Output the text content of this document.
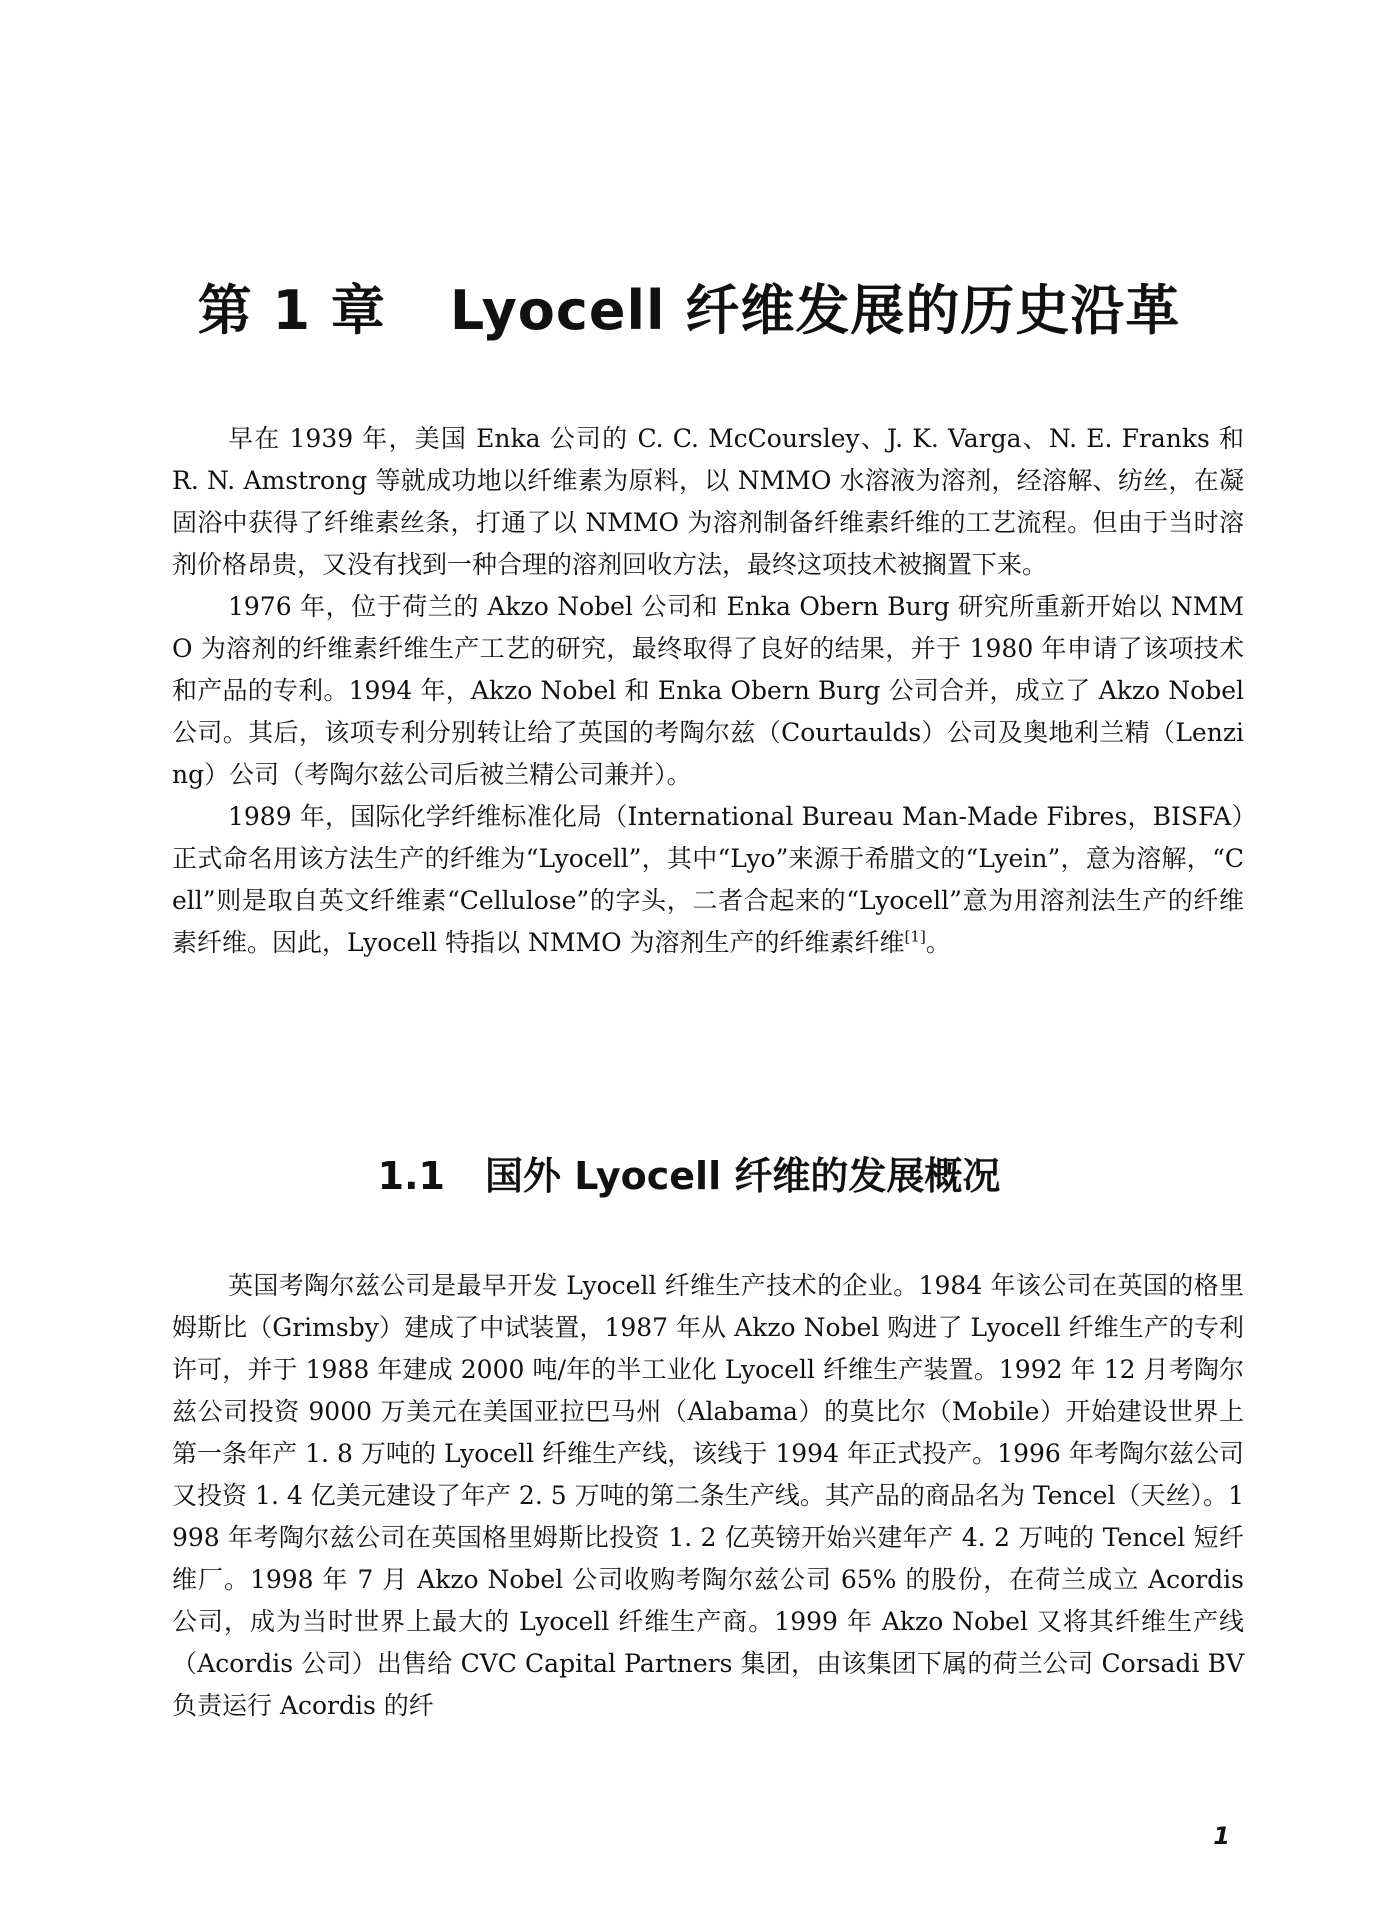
第 1 章 Lyocell 纤维发展的历史沿革

早在 1939 年，美国 Enka 公司的 C. C. McCoursley、J. K. Varga、N. E. Franks 和 R. N. Amstrong 等就成功地以纤维素为原料，以 NMMO 水溶液为溶剂，经溶解、纺丝，在凝固浴中获得了纤维素丝条，打通了以 NMMO 为溶剂制备纤维素纤维的工艺流程。但由于当时溶剂价格昂贵，又没有找到一种合理的溶剂回收方法，最终这项技术被搁置下来。

1976 年，位于荷兰的 Akzo Nobel 公司和 Enka Obern Burg 研究所重新开始以 NMMO 为溶剂的纤维素纤维生产工艺的研究，最终取得了良好的结果，并于 1980 年申请了该项技术和产品的专利。1994 年，Akzo Nobel 和 Enka Obern Burg 公司合并，成立了 Akzo Nobel 公司。其后，该项专利分别转让给了英国的考陶尔兹（Courtaulds）公司及奥地利兰精（Lenzing）公司（考陶尔兹公司后被兰精公司兼并）。

1989 年，国际化学纤维标准化局（International Bureau Man-Made Fibres，BISFA）正式命名用该方法生产的纤维为“Lyocell”，其中“Lyo”来源于希腊文的“Lyein”，意为溶解，“Cell”则是取自英文纤维素“Cellulose”的字头，二者合起来的“Lyocell”意为用溶剂法生产的纤维素纤维。因此，Lyocell 特指以 NMMO 为溶剂生产的纤维素纤维[1]。

1.1 国外 Lyocell 纤维的发展概况

英国考陶尔兹公司是最早开发 Lyocell 纤维生产技术的企业。1984 年该公司在英国的格里姆斯比（Grimsby）建成了中试装置，1987 年从 Akzo Nobel 购进了 Lyocell 纤维生产的专利许可，并于 1988 年建成 2000 吨/年的半工业化 Lyocell 纤维生产装置。1992 年 12 月考陶尔兹公司投资 9000 万美元在美国亚拉巴马州（Alabama）的莫比尔（Mobile）开始建设世界上第一条年产 1. 8 万吨的 Lyocell 纤维生产线，该线于 1994 年正式投产。1996 年考陶尔兹公司又投资 1. 4 亿美元建设了年产 2. 5 万吨的第二条生产线。其产品的商品名为 Tencel（天丝）。1998 年考陶尔兹公司在英国格里姆斯比投资 1. 2 亿英镑开始兴建年产 4. 2 万吨的 Tencel 短纤维厂。1998 年 7 月 Akzo Nobel 公司收购考陶尔兹公司 65% 的股份，在荷兰成立 Acordis 公司，成为当时世界上最大的 Lyocell 纤维生产商。1999 年 Akzo Nobel 又将其纤维生产线（Acordis 公司）出售给 CVC Capital Partners 集团，由该集团下属的荷兰公司 Corsadi BV 负责运行 Acordis 的纤

1
